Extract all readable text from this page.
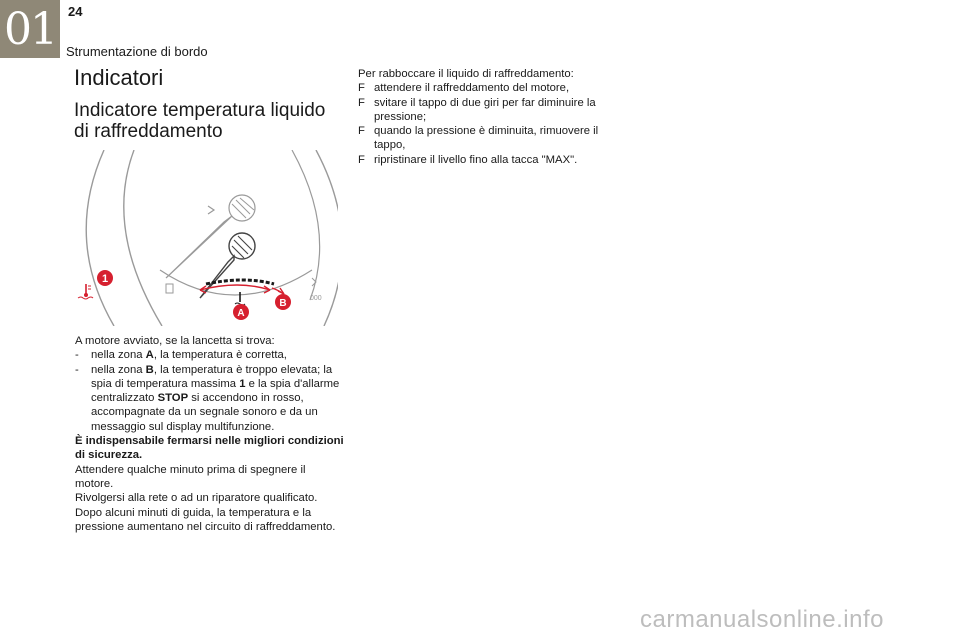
01 24
Strumentazione di bordo
Indicatori
Indicatore temperatura liquido di raffreddamento
000
1
B
A

A motore avviato, se la lancetta si trova:

-	nella zona A, la temperatura è corretta,
-	nella zona B, la temperatura è troppo elevata; la spia di temperatura massima 1 e la spia d'allarme centralizzato STOP si accendono in rosso, accompagnate da un segnale sonoro e da un messaggio sul display multifunzione.

È indispensabile fermarsi nelle migliori condizioni di sicurezza.

Attendere qualche minuto prima di spegnere il motore.

Rivolgersi alla rete o ad un riparatore qualificato.

Dopo alcuni minuti di guida, la temperatura e la pressione aumentano nel circuito di raffreddamento.

Per rabboccare il liquido di raffreddamento:

F attendere il raffreddamento del motore,
F svitare il tappo di due giri per far diminuire la pressione;
F quando la pressione è diminuita, rimuovere il tappo,
F ripristinare il livello fino alla tacca "MAX".
carmanualsonline.info
